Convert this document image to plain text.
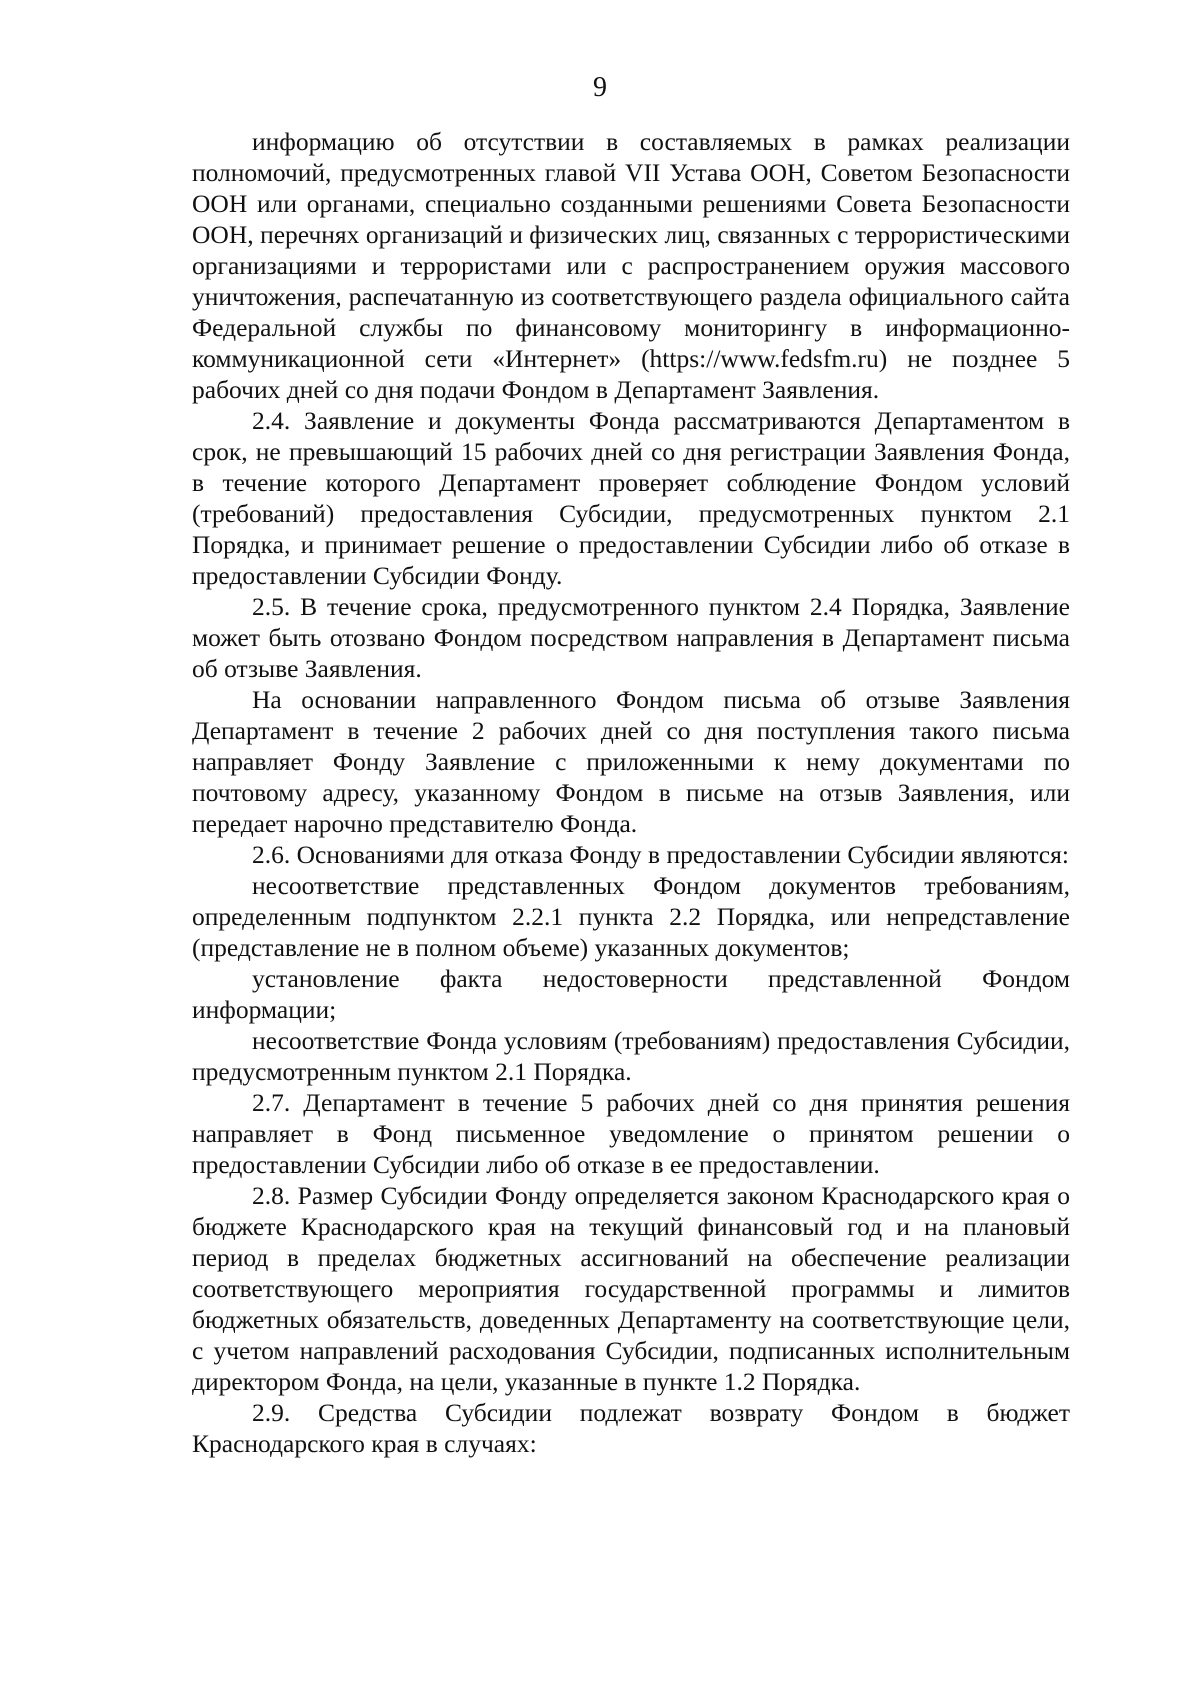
9

информацию об отсутствии в составляемых в рамках реализации полномочий, предусмотренных главой VII Устава ООН, Советом Безопасности ООН или органами, специально созданными решениями Совета Безопасности ООН, перечнях организаций и физических лиц, связанных с террористическими организациями и террористами или с распространением оружия массового уничтожения, распечатанную из соответствующего раздела официального сайта Федеральной службы по финансовому мониторингу в информационно-коммуникационной сети «Интернет» (https://www.fedsfm.ru) не позднее 5 рабочих дней со дня подачи Фондом в Департамент Заявления.

2.4. Заявление и документы Фонда рассматриваются Департаментом в срок, не превышающий 15 рабочих дней со дня регистрации Заявления Фонда, в течение которого Департамент проверяет соблюдение Фондом условий (требований) предоставления Субсидии, предусмотренных пунктом 2.1 Порядка, и принимает решение о предоставлении Субсидии либо об отказе в предоставлении Субсидии Фонду.

2.5. В течение срока, предусмотренного пунктом 2.4 Порядка, Заявление может быть отозвано Фондом посредством направления в Департамент письма об отзыве Заявления.

На основании направленного Фондом письма об отзыве Заявления Департамент в течение 2 рабочих дней со дня поступления такого письма направляет Фонду Заявление с приложенными к нему документами по почтовому адресу, указанному Фондом в письме на отзыв Заявления, или передает нарочно представителю Фонда.

2.6. Основаниями для отказа Фонду в предоставлении Субсидии являются:

несоответствие представленных Фондом документов требованиям, определенным подпунктом 2.2.1 пункта 2.2 Порядка, или непредставление (представление не в полном объеме) указанных документов;

установление факта недостоверности представленной Фондом информации;

несоответствие Фонда условиям (требованиям) предоставления Субсидии, предусмотренным пунктом 2.1 Порядка.

2.7. Департамент в течение 5 рабочих дней со дня принятия решения направляет в Фонд письменное уведомление о принятом решении о предоставлении Субсидии либо об отказе в ее предоставлении.

2.8. Размер Субсидии Фонду определяется законом Краснодарского края о бюджете Краснодарского края на текущий финансовый год и на плановый период в пределах бюджетных ассигнований на обеспечение реализации соответствующего мероприятия государственной программы и лимитов бюджетных обязательств, доведенных Департаменту на соответствующие цели, с учетом направлений расходования Субсидии, подписанных исполнительным директором Фонда, на цели, указанные в пункте 1.2 Порядка.

2.9. Средства Субсидии подлежат возврату Фондом в бюджет Краснодарского края в случаях:
